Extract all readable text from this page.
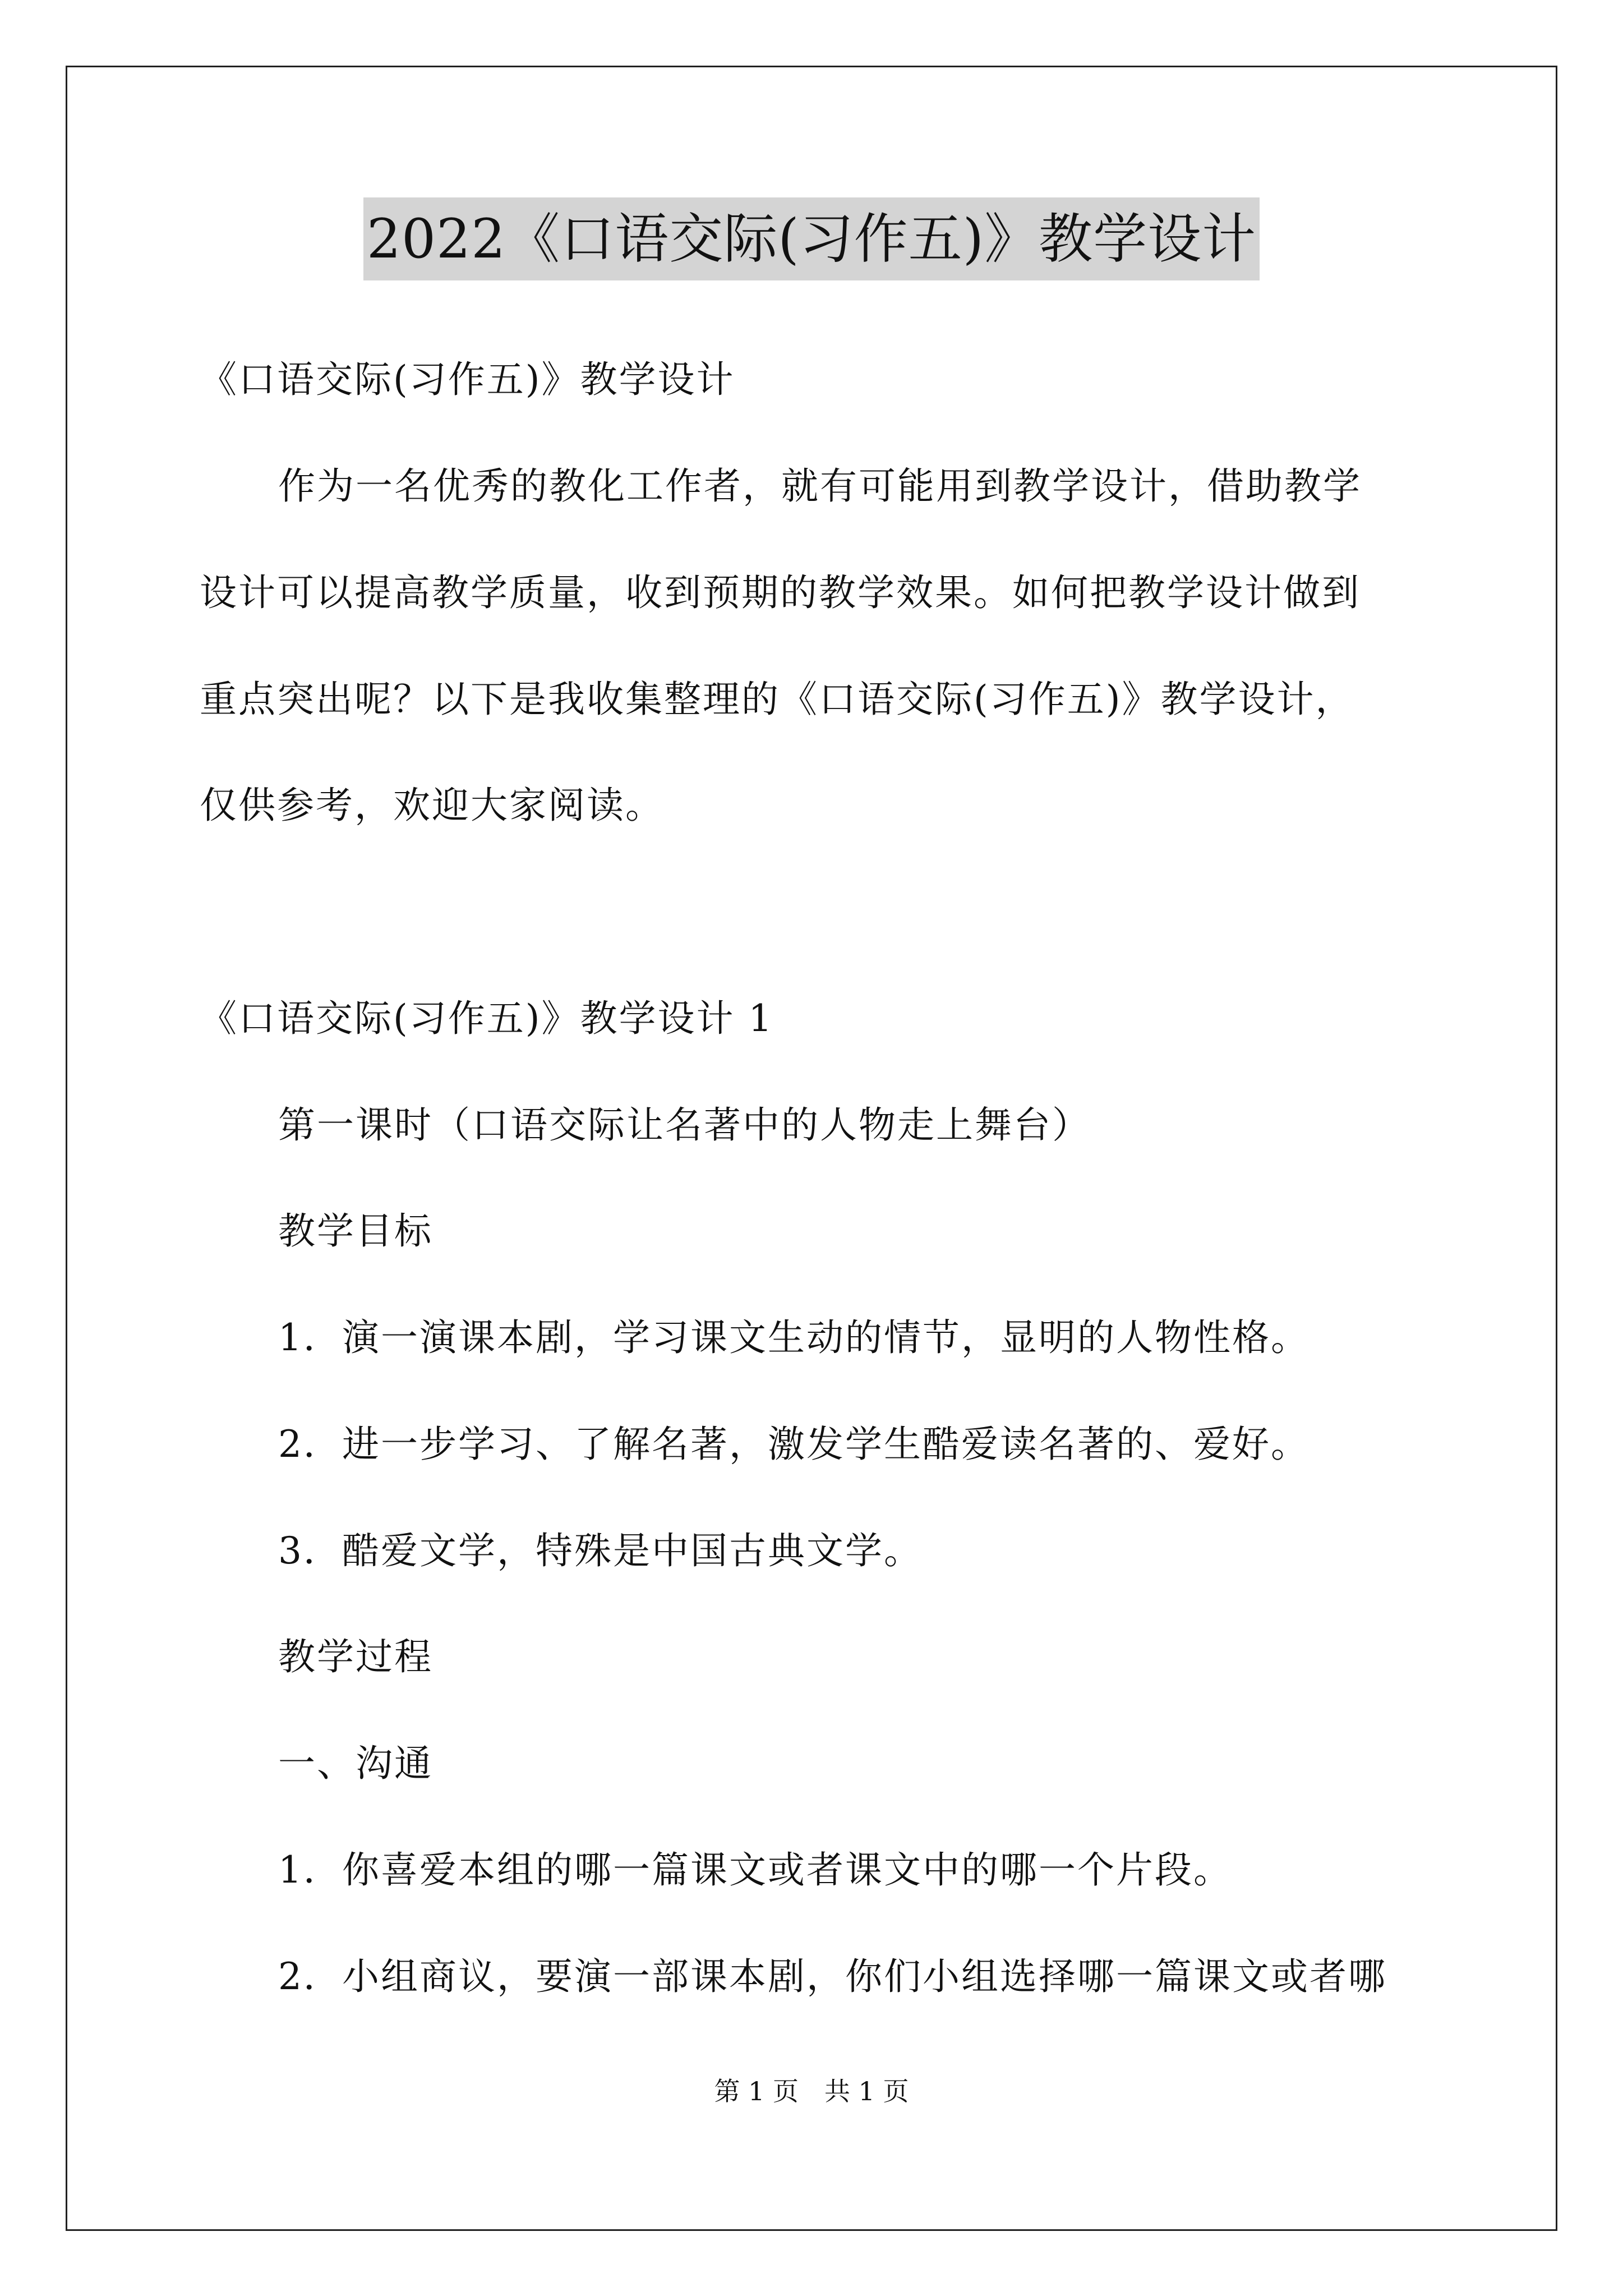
2022《口语交际(习作五)》教学设计
《口语交际(习作五)》教学设计
作为一名优秀的教化工作者，就有可能用到教学设计，借助教学
设计可以提高教学质量，收到预期的教学效果。如何把教学设计做到
重点突出呢？以下是我收集整理的《口语交际(习作五)》教学设计，
仅供参考，欢迎大家阅读。
《口语交际(习作五)》教学设计 1
第一课时（口语交际让名著中的人物走上舞台）
教学目标
1．演一演课本剧，学习课文生动的情节，显明的人物性格。
2．进一步学习、了解名著，激发学生酷爱读名著的、爱好。
3．酷爱文学，特殊是中国古典文学。
教学过程
一、沟通
1．你喜爱本组的哪一篇课文或者课文中的哪一个片段。
2．小组商议，要演一部课本剧，你们小组选择哪一篇课文或者哪
第 1 页　共 1 页
